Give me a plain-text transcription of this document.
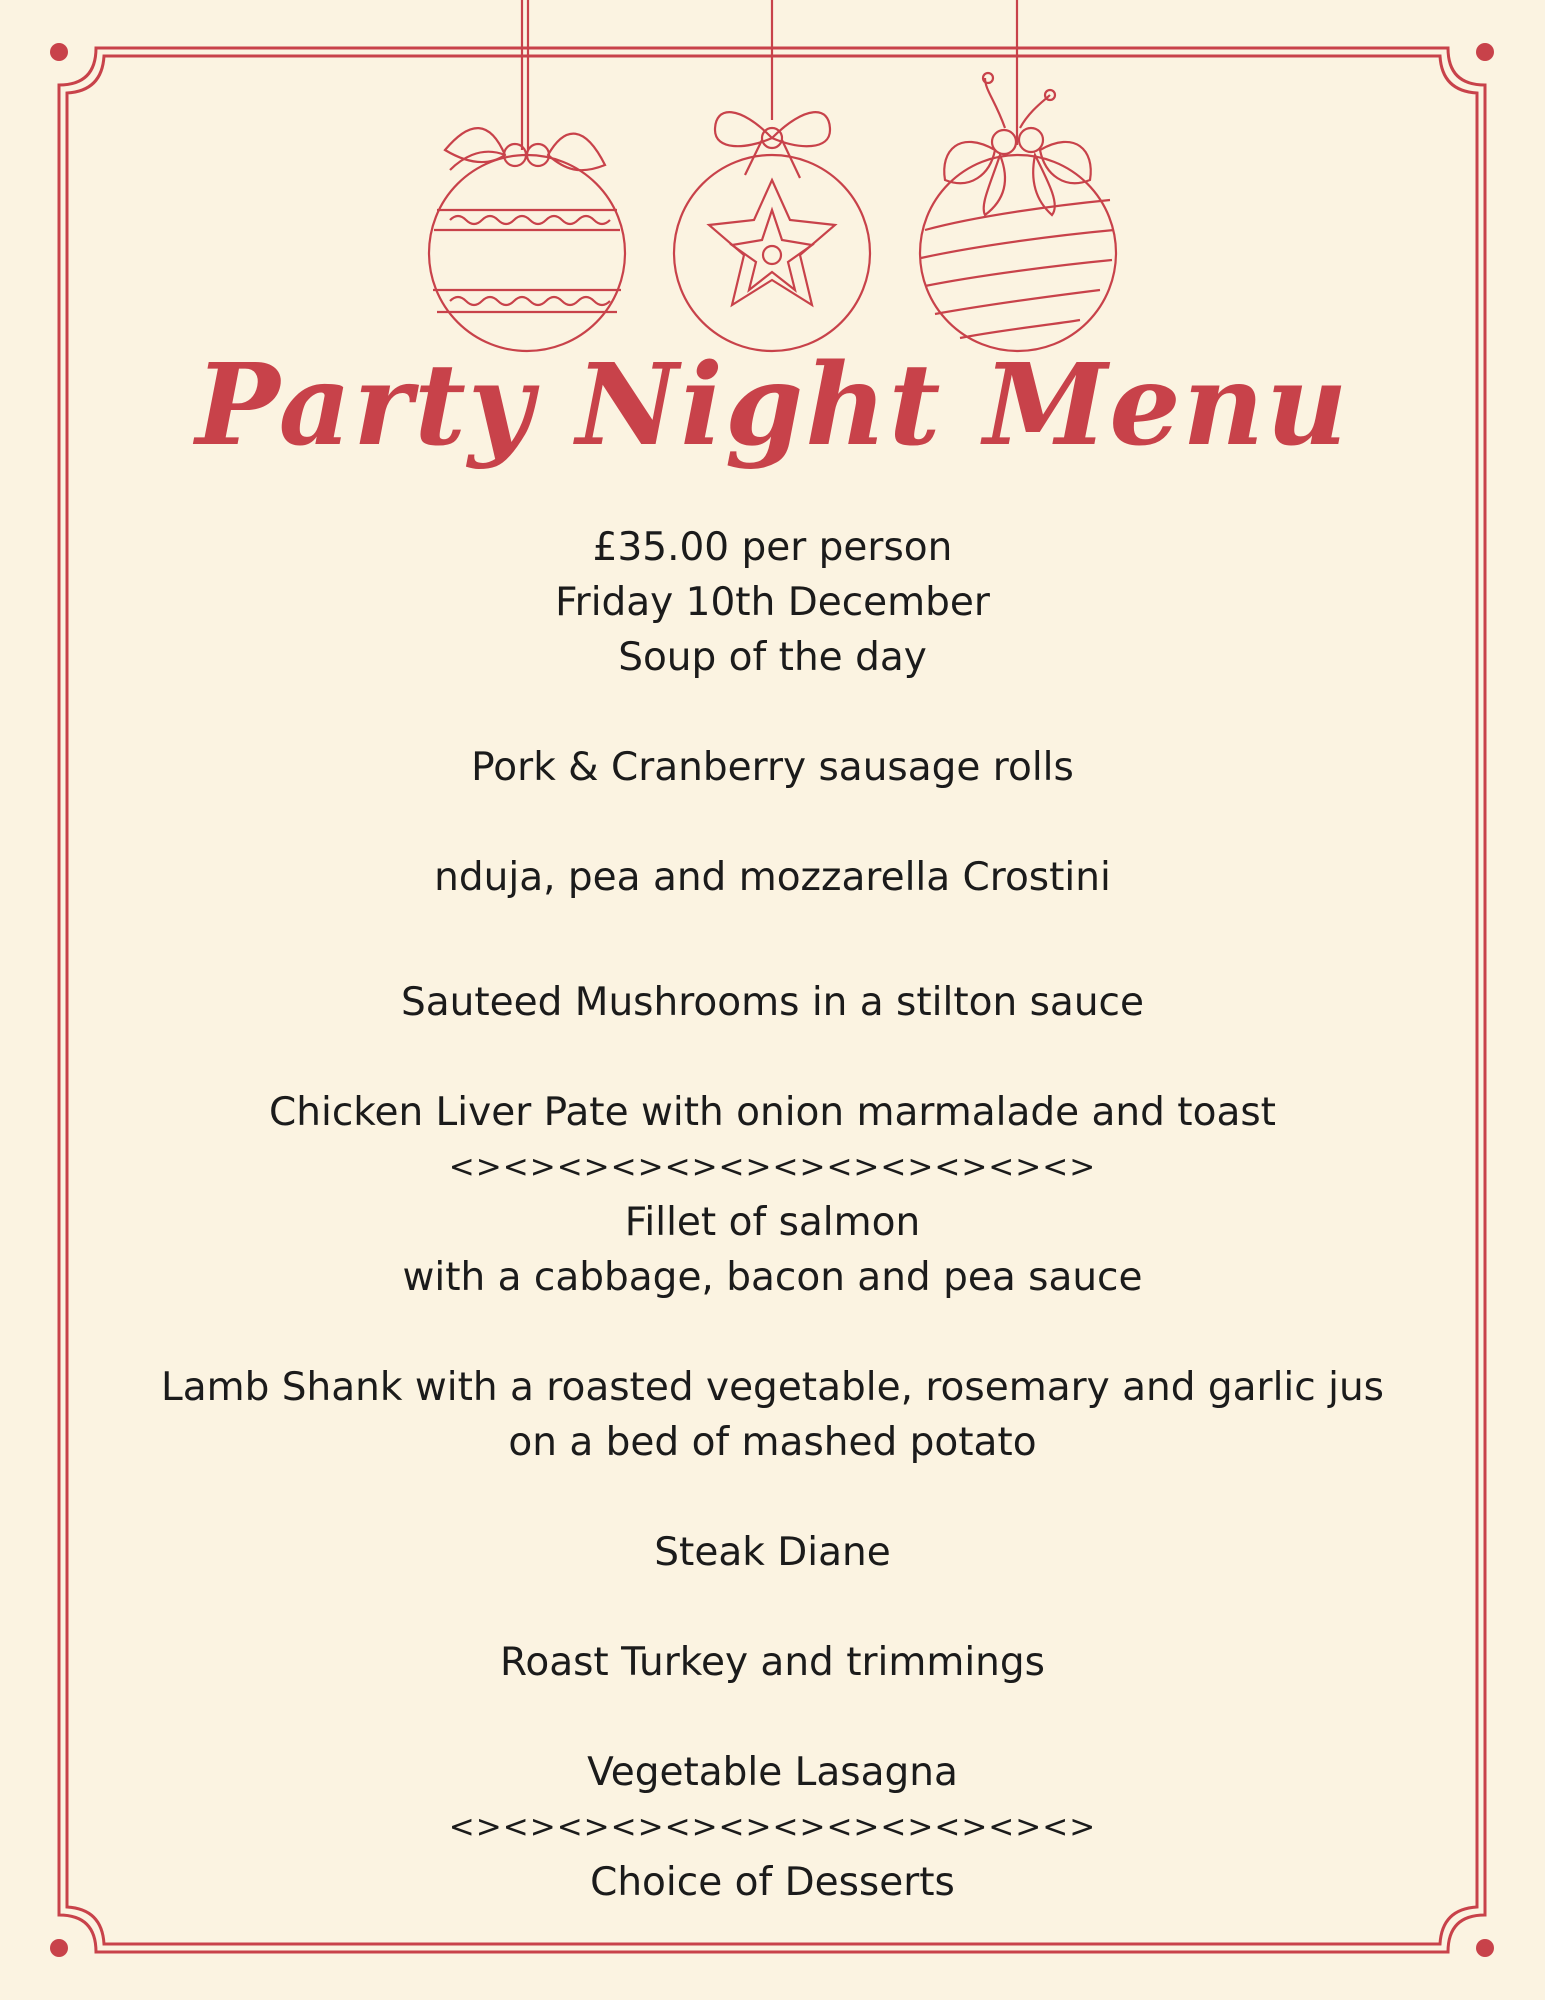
Party Night Menu
£35.00 per person
Friday 10th December
Soup of the day
Pork & Cranberry sausage rolls
nduja, pea and mozzarella Crostini
Sauteed Mushrooms in a stilton sauce
Chicken Liver Pate with onion marmalade and toast
<><><><><><><><><><><><>
Fillet of salmon
with a cabbage, bacon and pea sauce
Lamb Shank with a roasted vegetable, rosemary and garlic jus
on a bed of mashed potato
Steak Diane
Roast Turkey and trimmings
Vegetable Lasagna
<><><><><><><><><><><><>
Choice of Desserts
